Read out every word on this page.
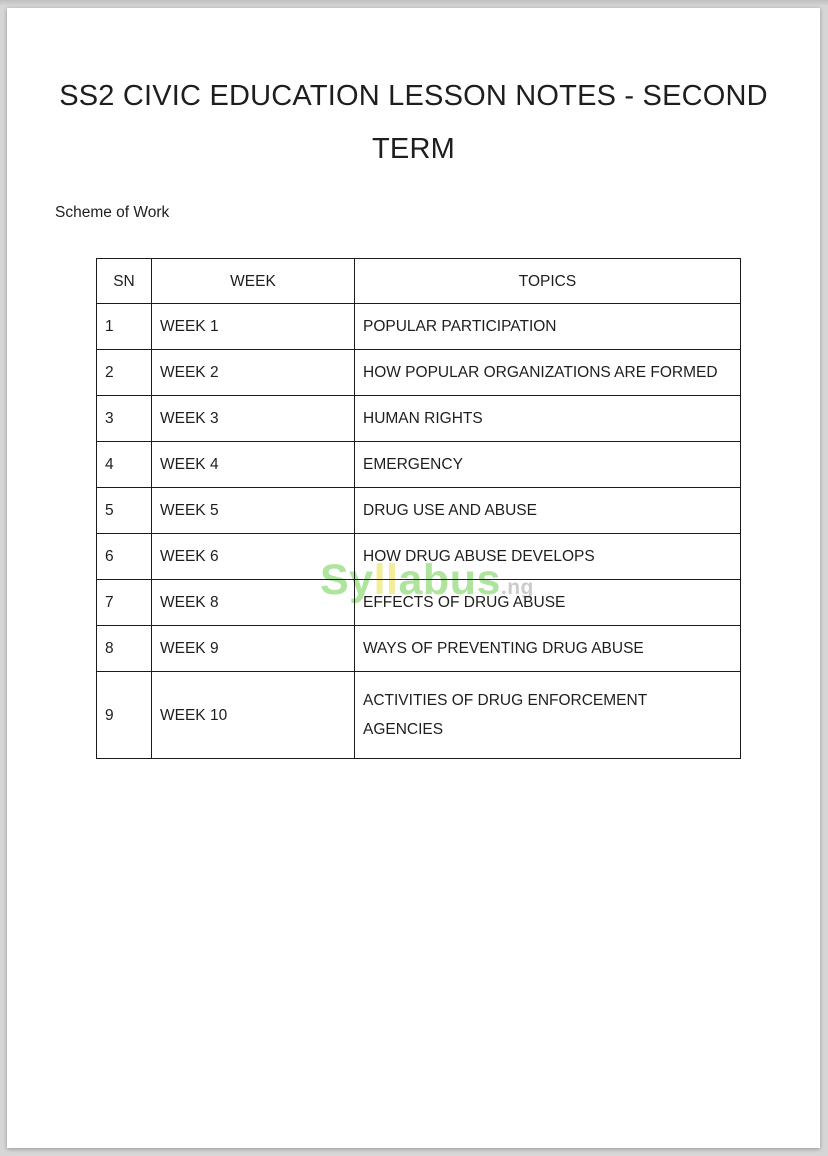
SS2 CIVIC EDUCATION LESSON NOTES - SECOND TERM
Scheme of Work
Syllabus.ng
SN	WEEK	TOPICS
1	WEEK 1	POPULAR PARTICIPATION
2	WEEK 2	HOW POPULAR ORGANIZATIONS ARE FORMED
3	WEEK 3	HUMAN RIGHTS
4	WEEK 4	EMERGENCY
5	WEEK 5	DRUG USE AND ABUSE
6	WEEK 6	HOW DRUG ABUSE DEVELOPS
7	WEEK 8	EFFECTS OF DRUG ABUSE
8	WEEK 9	WAYS OF PREVENTING DRUG ABUSE
9	WEEK 10	ACTIVITIES OF DRUG ENFORCEMENT AGENCIES
